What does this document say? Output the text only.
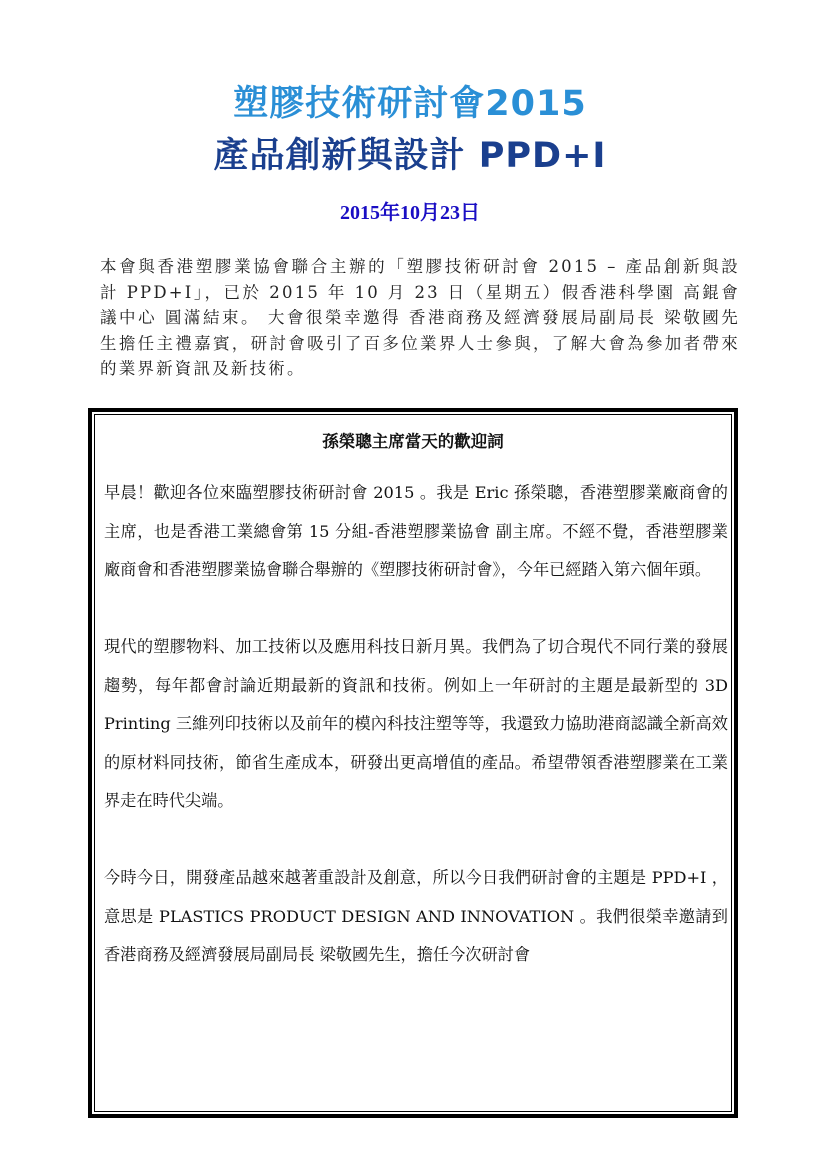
塑膠技術研討會2015
產品創新與設計 PPD+I
2015年10月23日
本會與香港塑膠業協會聯合主辦的「塑膠技術研討會 2015 – 產品創新與設計 PPD+I」，已於 2015 年 10 月 23 日（星期五）假香港科學園 高錕會議中心 圓滿結束。 大會很榮幸邀得 香港商務及經濟發展局副局長 梁敬國先生擔任主禮嘉賓，研討會吸引了百多位業界人士參與，了解大會為參加者帶來的業界新資訊及新技術。
孫榮聰主席當天的歡迎詞

早晨！歡迎各位來臨塑膠技術研討會 2015 。我是 Eric 孫榮聰，香港塑膠業廠商會的主席，也是香港工業總會第 15 分組-香港塑膠業協會 副主席。不經不覺，香港塑膠業廠商會和香港塑膠業協會聯合舉辦的《塑膠技術研討會》，今年已經踏入第六個年頭。

現代的塑膠物料、加工技術以及應用科技日新月異。我們為了切合現代不同行業的發展趨勢，每年都會討論近期最新的資訊和技術。例如上一年研討的主題是最新型的 3D Printing 三維列印技術以及前年的模內科技注塑等等，我還致力協助港商認識全新高效的原材料同技術，節省生產成本，研發出更高增值的產品。希望帶領香港塑膠業在工業界走在時代尖端。

今時今日，開發產品越來越著重設計及創意，所以今日我們研討會的主題是 PPD+I ，意思是 PLASTICS PRODUCT DESIGN AND INNOVATION 。我們很榮幸邀請到香港商務及經濟發展局副局長 梁敬國先生，擔任今次研討會
